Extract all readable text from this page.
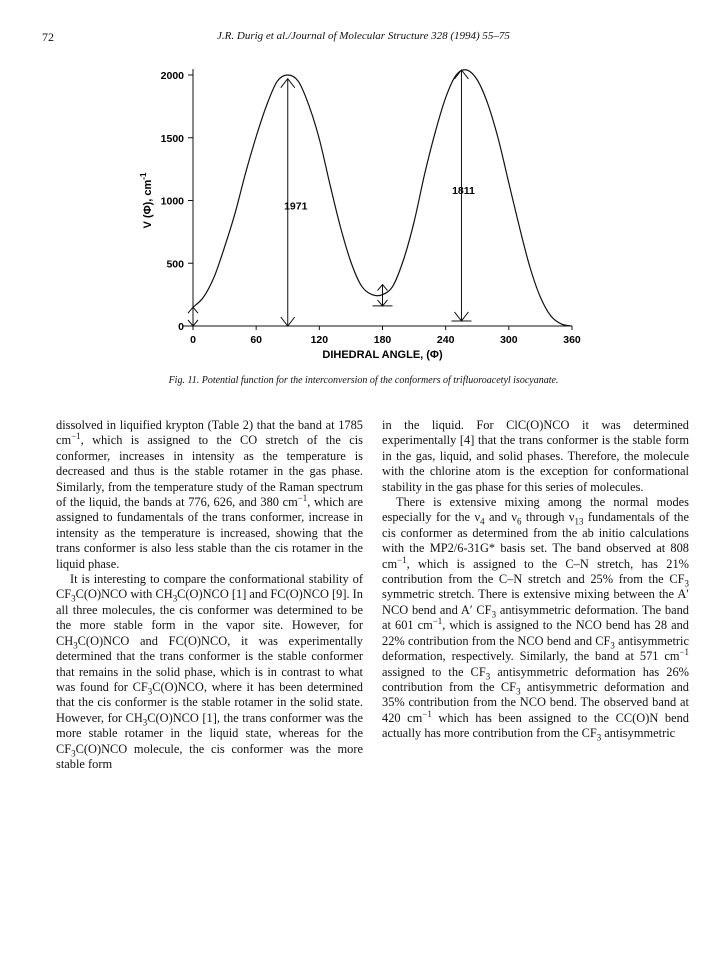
72	J.R. Durig et al./Journal of Molecular Structure 328 (1994) 55–75
0
500
1000
1500
2000
0	60	120	180	240	300	360
1971
1811
DIHEDRAL ANGLE, (Φ)
V (Φ), $cm^{-1}$
Fig. 11. Potential function for the interconversion of the conformers of trifluoroacetyl isocyanate.

dissolved in liquified krypton (Table 2) that the band at 1785 $cm^{-1}$, which is assigned to the CO stretch of the cis conformer, increases in intensity as the temperature is decreased and thus is the stable rotamer in the gas phase. Similarly, from the temperature study of the Raman spectrum of the liquid, the bands at 776, 626, and 380 $cm^{-1}$, which are assigned to fundamentals of the trans conformer, increase in intensity as the temperature is increased, showing that the trans conformer is also less stable than the cis rotamer in the liquid phase.

It is interesting to compare the conformational stability of $CF_3C(O)NCO$ with $CH_3C(O)NCO$ [1] and FC(O)NCO [9]. In all three molecules, the cis conformer was determined to be the more stable form in the vapor site. However, for $CH_3C(O)NCO$ and FC(O)NCO, it was experimentally determined that the trans conformer is the stable conformer that remains in the solid phase, which is in contrast to what was found for $CF_3C(O)NCO$, where it has been determined that the cis conformer is the stable rotamer in the solid state. However, for $CH_3C(O)NCO$ [1], the trans conformer was the more stable rotamer in the liquid state, whereas for the $CF_3C(O)NCO$ molecule, the cis conformer was the more stable form

in the liquid. For ClC(O)NCO it was determined experimentally [4] that the trans conformer is the stable form in the gas, liquid, and solid phases. Therefore, the molecule with the chlorine atom is the exception for conformational stability in the gas phase for this series of molecules.

There is extensive mixing among the normal modes especially for the $\nu_4$ and $\nu_6$ through $\nu_{13}$ fundamentals of the cis conformer as determined from the ab initio calculations with the MP2/6-31G* basis set. The band observed at 808 $cm^{-1}$, which is assigned to the C–N stretch, has 21% contribution from the C–N stretch and 25% from the $CF_3$ symmetric stretch. There is extensive mixing between the A′ NCO bend and A′ $CF_3$ antisymmetric deformation. The band at 601 $cm^{-1}$, which is assigned to the NCO bend has 28 and 22% contribution from the NCO bend and $CF_3$ antisymmetric deformation, respectively. Similarly, the band at 571 $cm^{-1}$ assigned to the $CF_3$ antisymmetric deformation has 26% contribution from the $CF_3$ antisymmetric deformation and 35% contribution from the NCO bend. The observed band at 420 $cm^{-1}$ which has been assigned to the CC(O)N bend actually has more contribution from the $CF_3$ antisymmetric
